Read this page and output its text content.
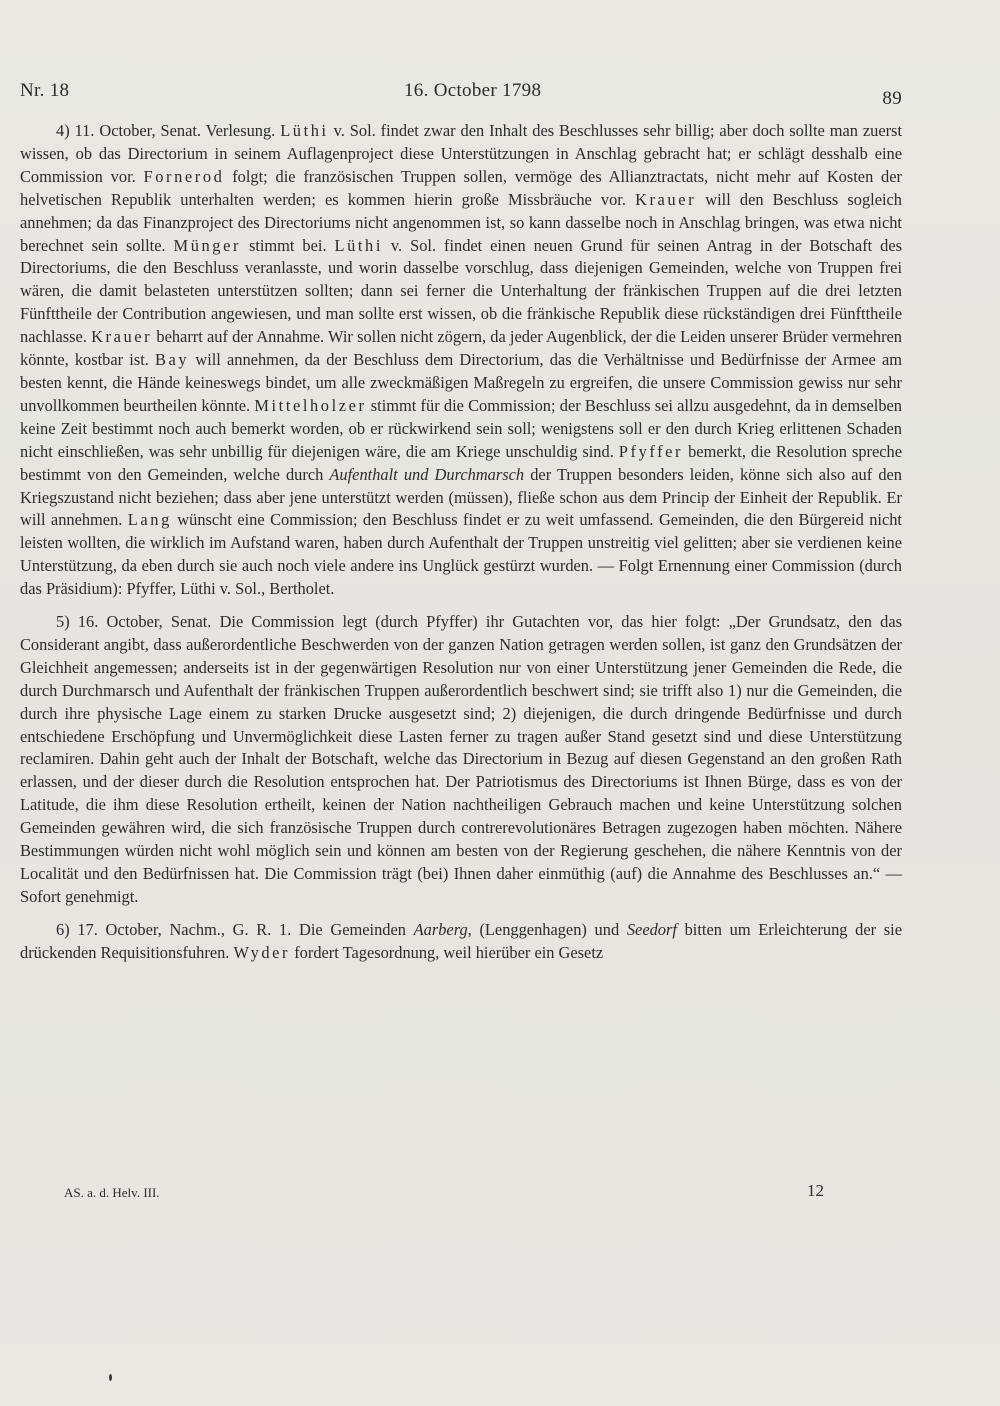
Nr. 18	16. October 1798	89

4) 11. October, Senat. Verlesung. Lüthi v. Sol. findet zwar den Inhalt des Beschlusses sehr billig; aber doch sollte man zuerst wissen, ob das Directorium in seinem Auflagenproject diese Unterstützungen in Anschlag gebracht hat; er schlägt desshalb eine Commission vor. Fornerod folgt; die französischen Truppen sollen, vermöge des Allianztractats, nicht mehr auf Kosten der helvetischen Republik unterhalten werden; es kommen hierin große Missbräuche vor. Krauer will den Beschluss sogleich annehmen; da das Finanzproject des Directoriums nicht angenommen ist, so kann dasselbe noch in Anschlag bringen, was etwa nicht berechnet sein sollte. Münger stimmt bei. Lüthi v. Sol. findet einen neuen Grund für seinen Antrag in der Botschaft des Directoriums, die den Beschluss veranlasste, und worin dasselbe vorschlug, dass diejenigen Gemeinden, welche von Truppen frei wären, die damit belasteten unterstützen sollten; dann sei ferner die Unterhaltung der fränkischen Truppen auf die drei letzten Fünfttheile der Contribution angewiesen, und man sollte erst wissen, ob die fränkische Republik diese rückständigen drei Fünfttheile nachlasse. Krauer beharrt auf der Annahme. Wir sollen nicht zögern, da jeder Augenblick, der die Leiden unserer Brüder vermehren könnte, kostbar ist. Bay will annehmen, da der Beschluss dem Directorium, das die Verhältnisse und Bedürfnisse der Armee am besten kennt, die Hände keineswegs bindet, um alle zweckmäßigen Maßregeln zu ergreifen, die unsere Commission gewiss nur sehr unvollkommen beurtheilen könnte. Mittelholzer stimmt für die Commission; der Beschluss sei allzu ausgedehnt, da in demselben keine Zeit bestimmt noch auch bemerkt worden, ob er rückwirkend sein soll; wenigstens soll er den durch Krieg erlittenen Schaden nicht einschließen, was sehr unbillig für diejenigen wäre, die am Kriege unschuldig sind. Pfyffer bemerkt, die Resolution spreche bestimmt von den Gemeinden, welche durch Aufenthalt und Durchmarsch der Truppen besonders leiden, könne sich also auf den Kriegszustand nicht beziehen; dass aber jene unterstützt werden (müssen), fließe schon aus dem Princip der Einheit der Republik. Er will annehmen. Lang wünscht eine Commission; den Beschluss findet er zu weit umfassend. Gemeinden, die den Bürgereid nicht leisten wollten, die wirklich im Aufstand waren, haben durch Aufenthalt der Truppen unstreitig viel gelitten; aber sie verdienen keine Unterstützung, da eben durch sie auch noch viele andere ins Unglück gestürzt wurden. — Folgt Ernennung einer Commission (durch das Präsidium): Pfyffer, Lüthi v. Sol., Bertholet.

5) 16. October, Senat. Die Commission legt (durch Pfyffer) ihr Gutachten vor, das hier folgt: „Der Grundsatz, den das Considerant angibt, dass außerordentliche Beschwerden von der ganzen Nation getragen werden sollen, ist ganz den Grundsätzen der Gleichheit angemessen; anderseits ist in der gegenwärtigen Resolution nur von einer Unterstützung jener Gemeinden die Rede, die durch Durchmarsch und Aufenthalt der fränkischen Truppen außerordentlich beschwert sind; sie trifft also 1) nur die Gemeinden, die durch ihre physische Lage einem zu starken Drucke ausgesetzt sind; 2) diejenigen, die durch dringende Bedürfnisse und durch entschiedene Erschöpfung und Unvermöglichkeit diese Lasten ferner zu tragen außer Stand gesetzt sind und diese Unterstützung reclamiren. Dahin geht auch der Inhalt der Botschaft, welche das Directorium in Bezug auf diesen Gegenstand an den großen Rath erlassen, und der dieser durch die Resolution entsprochen hat. Der Patriotismus des Directoriums ist Ihnen Bürge, dass es von der Latitude, die ihm diese Resolution ertheilt, keinen der Nation nachtheiligen Gebrauch machen und keine Unterstützung solchen Gemeinden gewähren wird, die sich französische Truppen durch contrerevolutionäres Betragen zugezogen haben möchten. Nähere Bestimmungen würden nicht wohl möglich sein und können am besten von der Regierung geschehen, die nähere Kenntnis von der Localität und den Bedürfnissen hat. Die Commission trägt (bei) Ihnen daher einmüthig (auf) die Annahme des Beschlusses an.“ — Sofort genehmigt.

6) 17. October, Nachm., G. R. 1. Die Gemeinden Aarberg, (Lenggenhagen) und Seedorf bitten um Erleichterung der sie drückenden Requisitionsfuhren. Wyder fordert Tagesordnung, weil hierüber ein Gesetz

AS. a. d. Helv. III.	12
